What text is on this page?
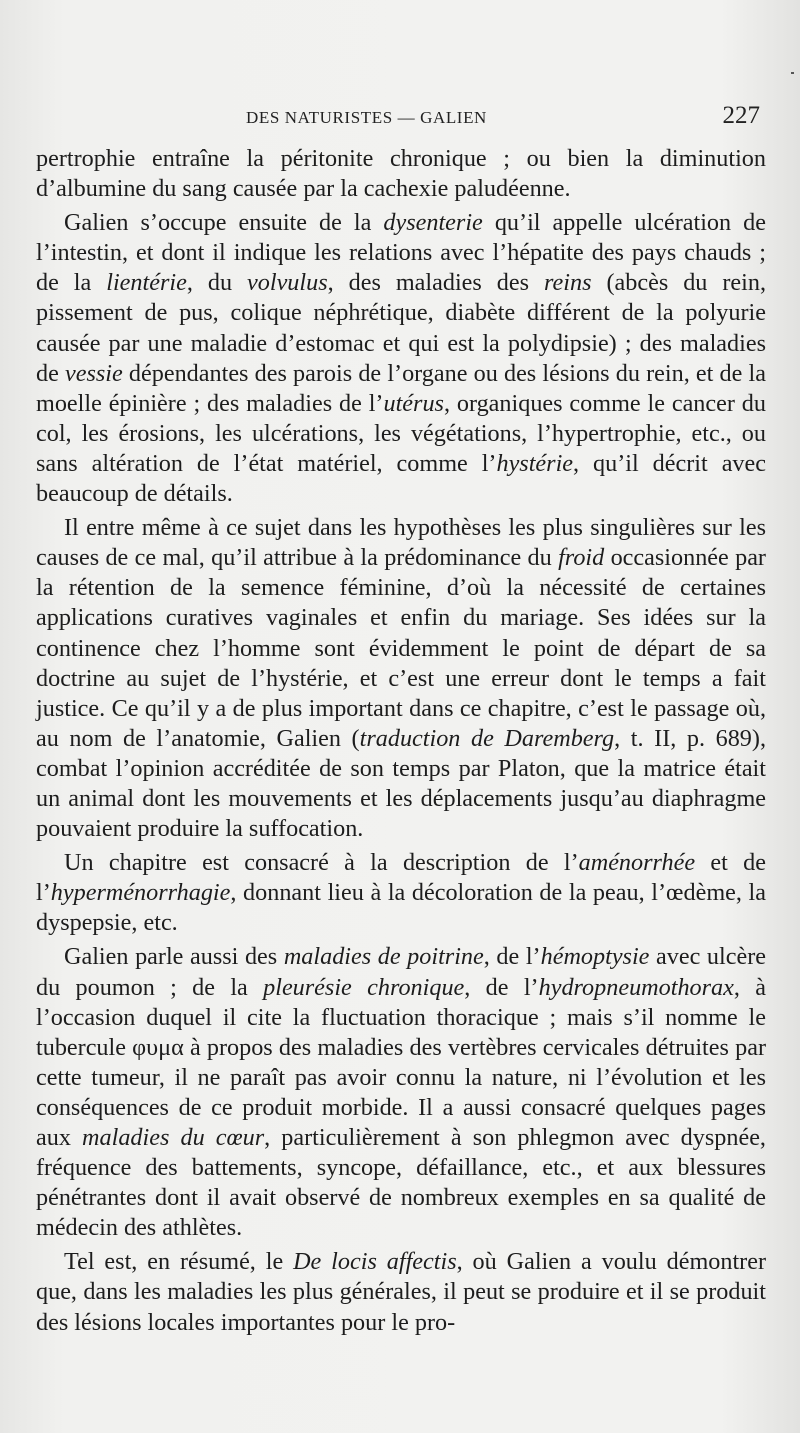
DES NATURISTES — GALIEN	227

pertrophie entraîne la péritonite chronique ; ou bien la diminution d’albumine du sang causée par la cachexie paludéenne.

Galien s’occupe ensuite de la dysenterie qu’il appelle ulcération de l’intestin, et dont il indique les relations avec l’hépatite des pays chauds ; de la lientérie, du volvulus, des maladies des reins (abcès du rein, pissement de pus, colique néphrétique, diabète différent de la polyurie causée par une maladie d’estomac et qui est la polydipsie) ; des maladies de vessie dépendantes des parois de l’organe ou des lésions du rein, et de la moelle épinière ; des maladies de l’utérus, organiques comme le cancer du col, les érosions, les ulcérations, les végétations, l’hypertrophie, etc., ou sans altération de l’état matériel, comme l’hystérie, qu’il décrit avec beaucoup de détails.

Il entre même à ce sujet dans les hypothèses les plus singulières sur les causes de ce mal, qu’il attribue à la prédominance du froid occasionnée par la rétention de la semence féminine, d’où la nécessité de certaines applications curatives vaginales et enfin du mariage. Ses idées sur la continence chez l’homme sont évidemment le point de départ de sa doctrine au sujet de l’hystérie, et c’est une erreur dont le temps a fait justice. Ce qu’il y a de plus important dans ce chapitre, c’est le passage où, au nom de l’anatomie, Galien (traduction de Daremberg, t. II, p. 689), combat l’opinion accréditée de son temps par Platon, que la matrice était un animal dont les mouvements et les déplacements jusqu’au diaphragme pouvaient produire la suffocation.

Un chapitre est consacré à la description de l’aménorrhée et de l’hyperménorrhagie, donnant lieu à la décoloration de la peau, l’œdème, la dyspepsie, etc.

Galien parle aussi des maladies de poitrine, de l’hémoptysie avec ulcère du poumon ; de la pleurésie chronique, de l’hydropneumothorax, à l’occasion duquel il cite la fluctuation thoracique ; mais s’il nomme le tubercule φυμα à propos des maladies des vertèbres cervicales détruites par cette tumeur, il ne paraît pas avoir connu la nature, ni l’évolution et les conséquences de ce produit morbide. Il a aussi consacré quelques pages aux maladies du cœur, particulièrement à son phlegmon avec dyspnée, fréquence des battements, syncope, défaillance, etc., et aux blessures pénétrantes dont il avait observé de nombreux exemples en sa qualité de médecin des athlètes.

Tel est, en résumé, le De locis affectis, où Galien a voulu démontrer que, dans les maladies les plus générales, il peut se produire et il se produit des lésions locales importantes pour le pro-
